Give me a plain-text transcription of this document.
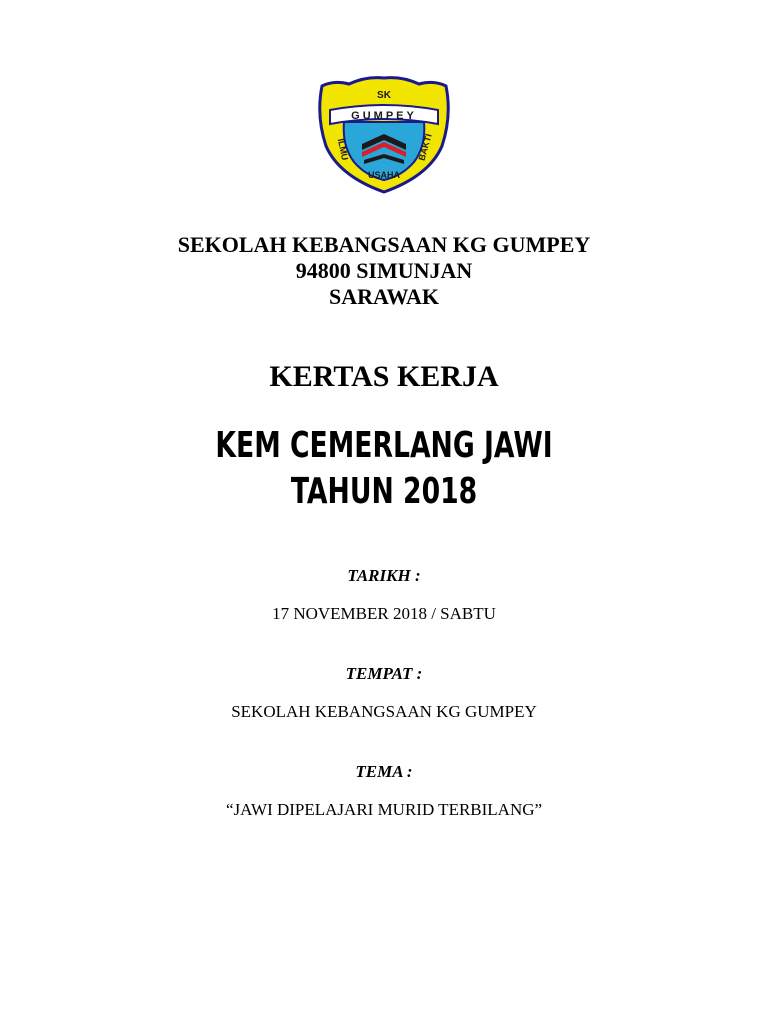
SK
GUMPEY
ILMU	BAKTI
USAHA
SEKOLAH KEBANGSAAN KG GUMPEY
94800 SIMUNJAN
SARAWAK
KERTAS KERJA
KEM CEMERLANG JAWI
TAHUN 2018
TARIKH :
17 NOVEMBER 2018 / SABTU
TEMPAT :
SEKOLAH KEBANGSAAN KG GUMPEY
TEMA :
“JAWI DIPELAJARI MURID TERBILANG”
